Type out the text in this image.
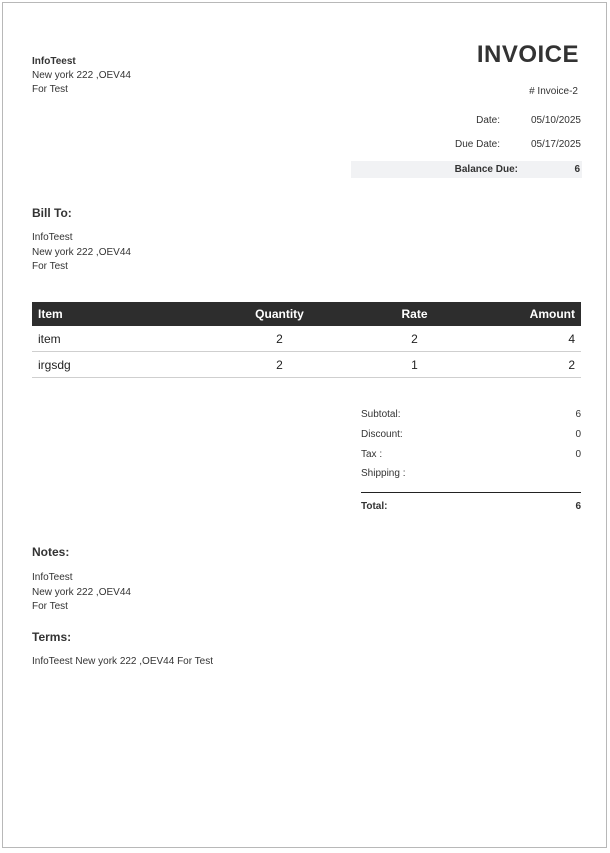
InfoTeest
New york 222 ,OEV44
For Test
INVOICE
# Invoice-2
Date:	05/10/2025
Due Date:	05/17/2025
Balance Due:	6
Bill To:
InfoTeest
New york 222 ,OEV44
For Test
Item	Quantity	Rate	Amount
item	2	2	4
irgsdg	2	1	2
Subtotal:	6
Discount:	0
Tax :	0
Shipping :
Total:	6
Notes:
InfoTeest
New york 222 ,OEV44
For Test
Terms:
InfoTeest New york 222 ,OEV44 For Test
